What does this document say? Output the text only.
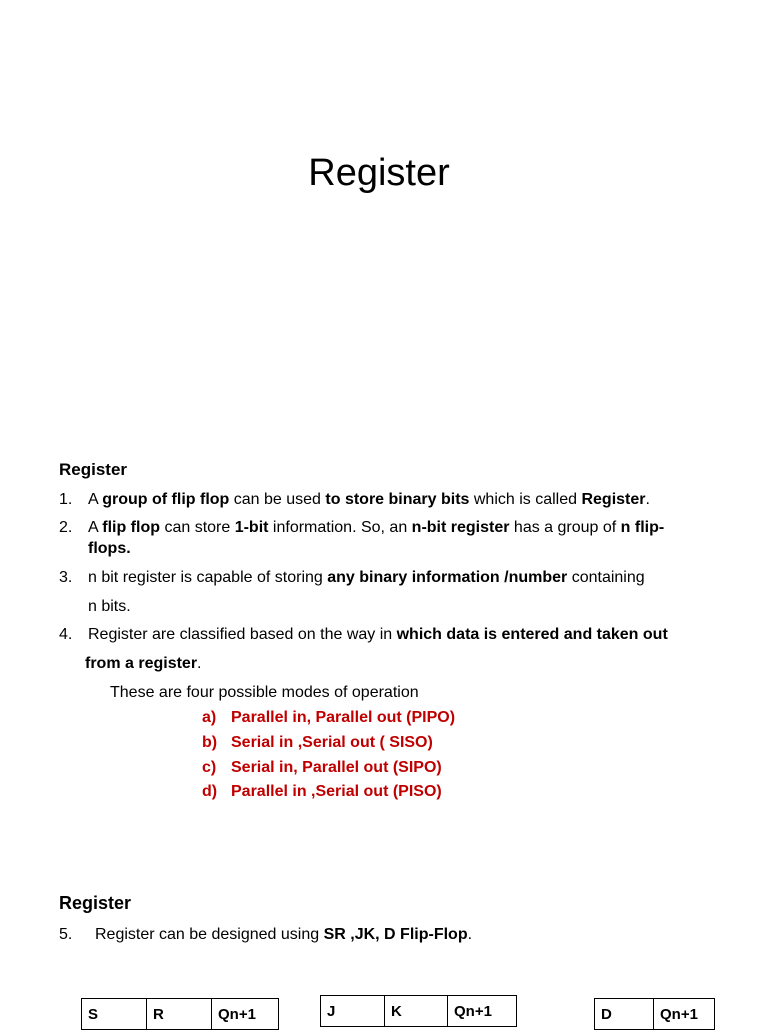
Register
Register
1. A group of flip flop can be used to store binary bits which is called Register.
2. A flip flop can store 1-bit information. So, an n-bit register has a group of n flip-
flops.
3. n bit register is capable of storing any binary information /number containing
n bits.
4. Register are classified based on the way in which data is entered and taken out
from a register.
These are four possible modes of operation
a) Parallel in, Parallel out (PIPO)
b) Serial in ,Serial out ( SISO)
c) Serial in, Parallel out (SIPO)
d) Parallel in ,Serial out (PISO)
Register
5. Register can be designed using SR ,JK, D Flip-Flop.
S	R	Qn+1	J	K	Qn+1	D	Qn+1
